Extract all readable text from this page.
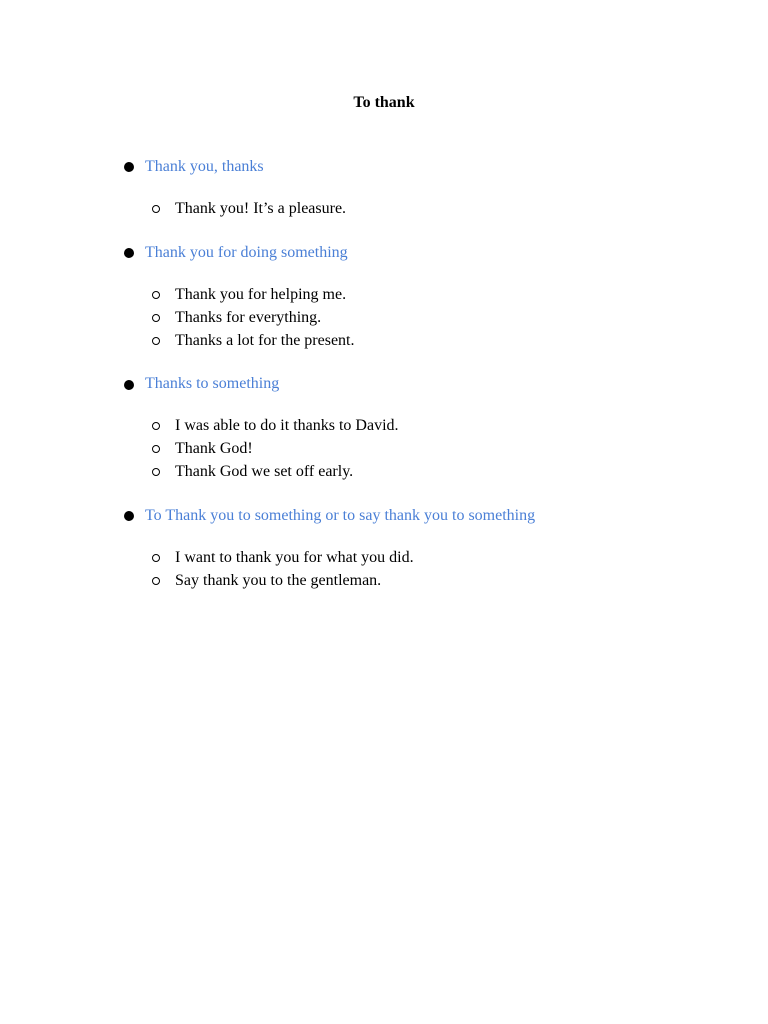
To thank
Thank you, thanks
Thank you! It’s a pleasure.
Thank you for doing something
Thank you for helping me.
Thanks for everything.
Thanks a lot for the present.
Thanks to something
I was able to do it thanks to David.
Thank God!
Thank God we set off early.
To Thank you to something or to say thank you to something
I want to thank you for what you did.
Say thank you to the gentleman.
